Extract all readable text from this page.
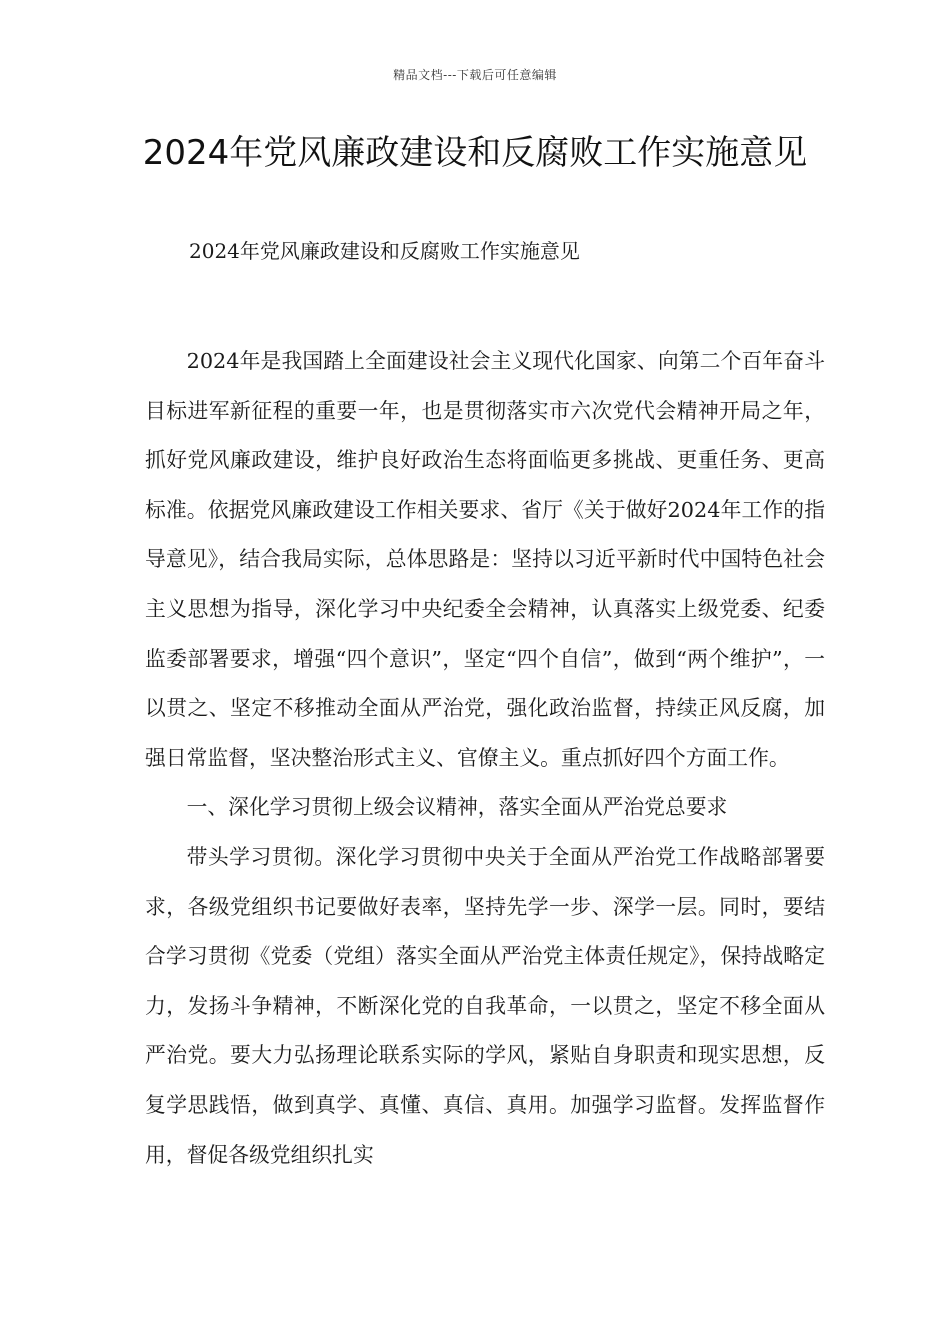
精品文档---下载后可任意编辑
2024年党风廉政建设和反腐败工作实施意见

2024年党风廉政建设和反腐败工作实施意见

2024年是我国踏上全面建设社会主义现代化国家、向第二个百年奋斗目标进军新征程的重要一年，也是贯彻落实市六次党代会精神开局之年，抓好党风廉政建设，维护良好政治生态将面临更多挑战、更重任务、更高标准。依据党风廉政建设工作相关要求、省厅《关于做好2024年工作的指导意见》，结合我局实际，总体思路是：坚持以习近平新时代中国特色社会主义思想为指导，深化学习中央纪委全会精神，认真落实上级党委、纪委监委部署要求，增强“四个意识”，坚定“四个自信”，做到“两个维护”，一以贯之、坚定不移推动全面从严治党，强化政治监督，持续正风反腐，加强日常监督，坚决整治形式主义、官僚主义。重点抓好四个方面工作。

一、深化学习贯彻上级会议精神，落实全面从严治党总要求

带头学习贯彻。深化学习贯彻中央关于全面从严治党工作战略部署要求，各级党组织书记要做好表率，坚持先学一步、深学一层。同时，要结合学习贯彻《党委（党组）落实全面从严治党主体责任规定》，保持战略定力，发扬斗争精神，不断深化党的自我革命，一以贯之，坚定不移全面从严治党。要大力弘扬理论联系实际的学风，紧贴自身职责和现实思想，反复学思践悟，做到真学、真懂、真信、真用。加强学习监督。发挥监督作用，督促各级党组织扎实
